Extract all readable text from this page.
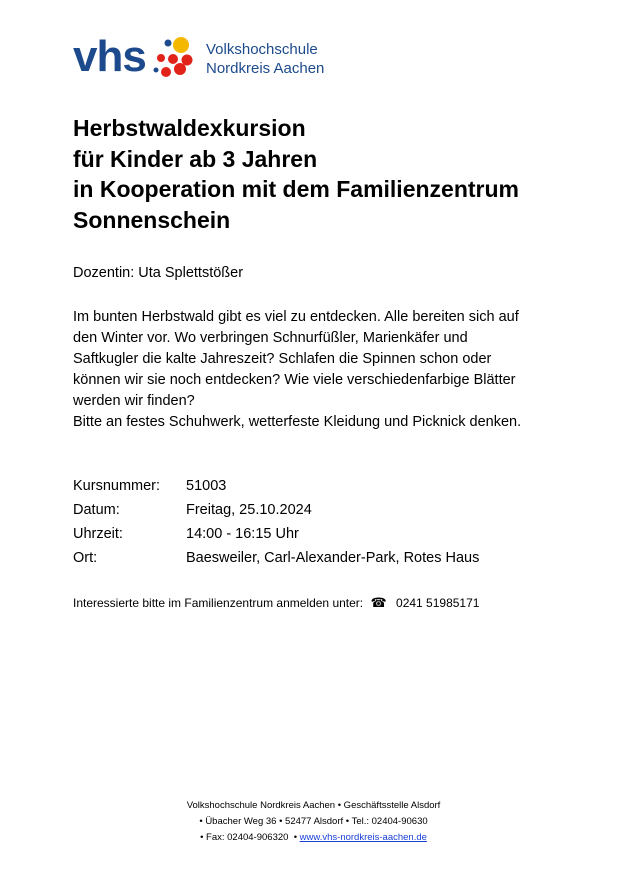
vhs	Volkshochschule
Nordkreis Aachen
Herbstwaldexkursion
für Kinder ab 3 Jahren
in Kooperation mit dem Familienzentrum
Sonnenschein
Dozentin: Uta Splettstößer
Im bunten Herbstwald gibt es viel zu entdecken. Alle bereiten sich auf
den Winter vor. Wo verbringen Schnurfüßler, Marienkäfer und
Saftkugler die kalte Jahreszeit? Schlafen die Spinnen schon oder
können wir sie noch entdecken? Wie viele verschiedenfarbige Blätter
werden wir finden?
Bitte an festes Schuhwerk, wetterfeste Kleidung und Picknick denken.
Kursnummer:	51003
Datum:	Freitag, 25.10.2024
Uhrzeit:	14:00 - 16:15 Uhr
Ort:	Baesweiler, Carl-Alexander-Park, Rotes Haus
Interessierte bitte im Familienzentrum anmelden unter: ☎ 0241 51985171
Volkshochschule Nordkreis Aachen • Geschäftsstelle Alsdorf
• Übacher Weg 36 • 52477 Alsdorf • Tel.: 02404-90630
• Fax: 02404-906320  • www.vhs-nordkreis-aachen.de
